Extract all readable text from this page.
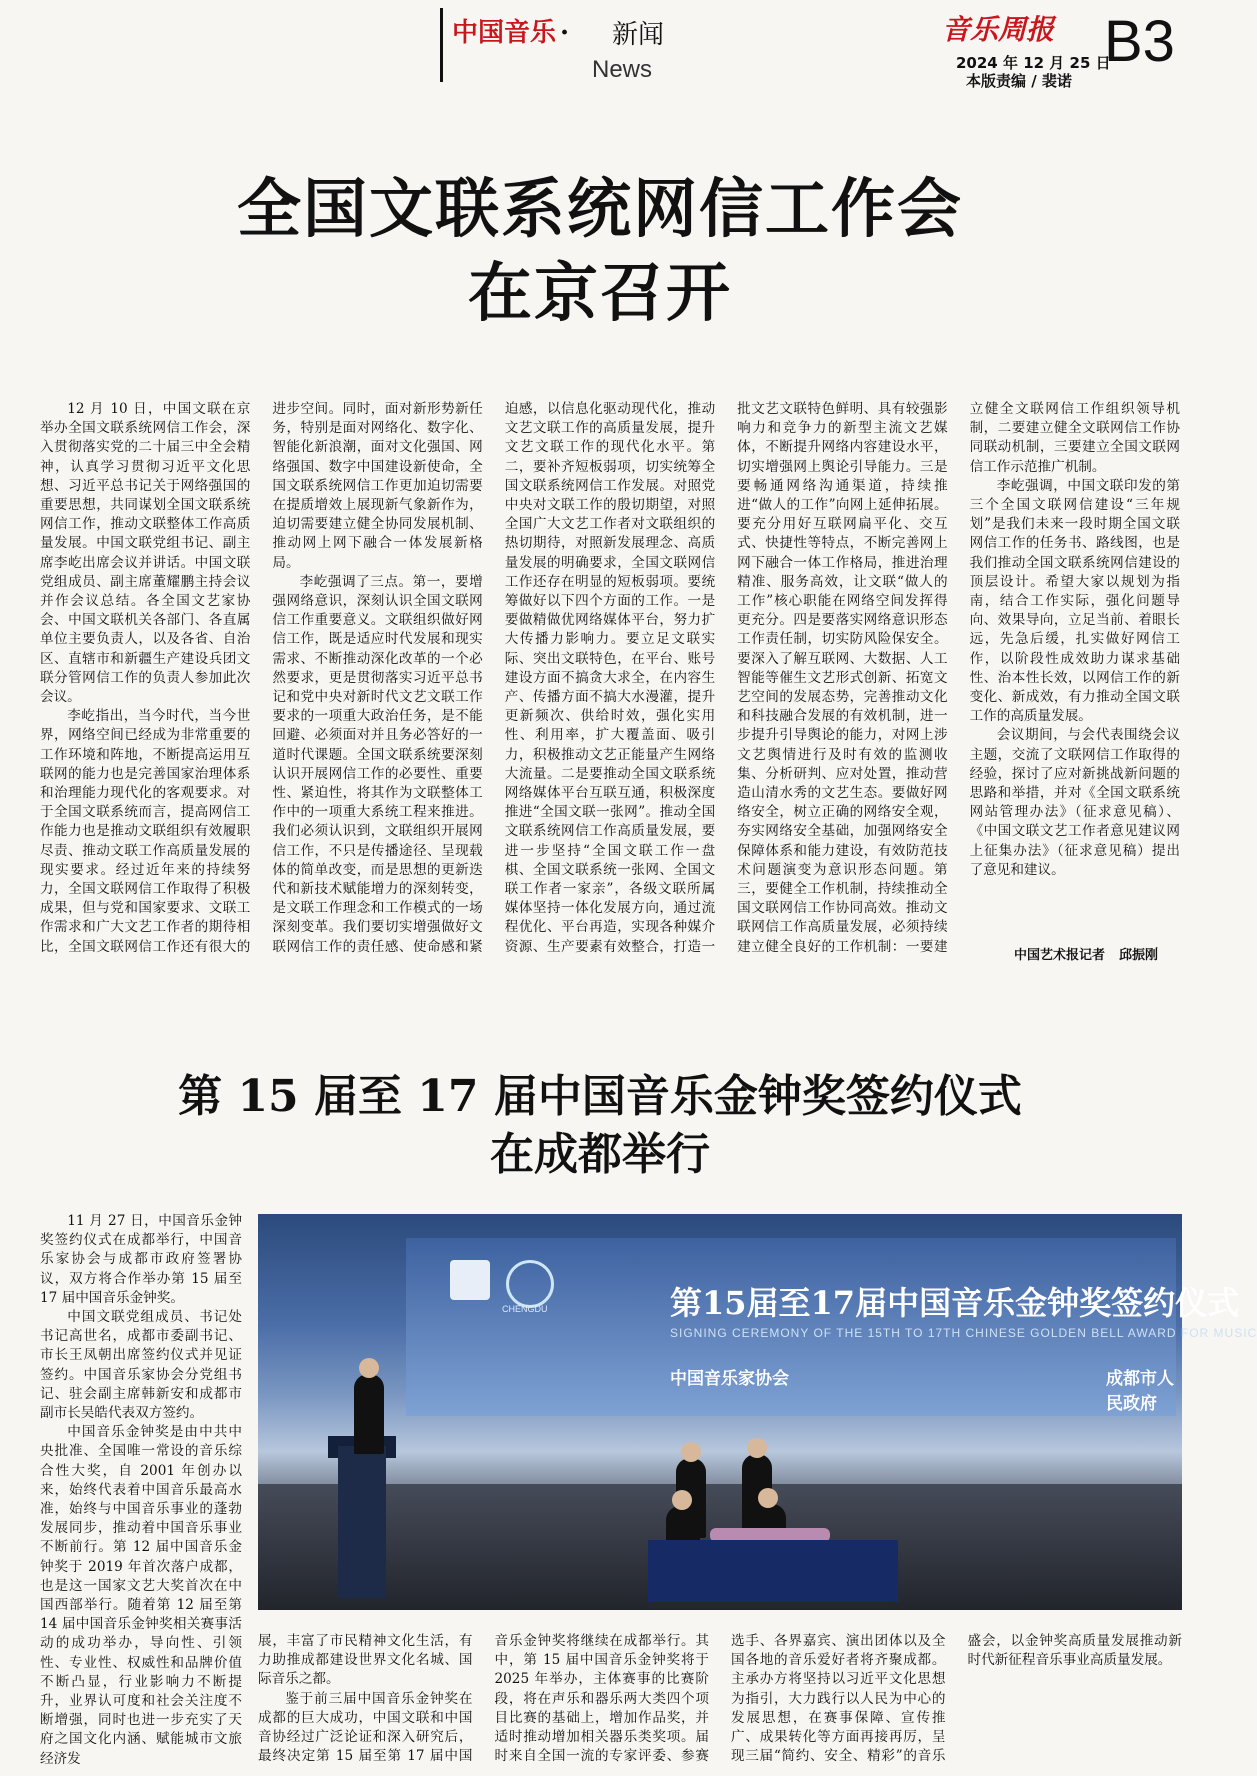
中国音乐 · 新闻
News
音乐周报
2024 年 12 月 25 日
本版责编 / 裴诺
B3
全国文联系统网信工作会
在京召开

12 月 10 日，中国文联在京举办全国文联系统网信工作会，深入贯彻落实党的二十届三中全会精神，认真学习贯彻习近平文化思想、习近平总书记关于网络强国的重要思想，共同谋划全国文联系统网信工作，推动文联整体工作高质量发展。中国文联党组书记、副主席李屹出席会议并讲话。中国文联党组成员、副主席董耀鹏主持会议并作会议总结。各全国文艺家协会、中国文联机关各部门、各直属单位主要负责人，以及各省、自治区、直辖市和新疆生产建设兵团文联分管网信工作的负责人参加此次会议。

李屹指出，当今时代，当今世界，网络空间已经成为非常重要的工作环境和阵地，不断提高运用互联网的能力也是完善国家治理体系和治理能力现代化的客观要求。对于全国文联系统而言，提高网信工作能力也是推动文联组织有效履职尽责、推动文联工作高质量发展的现实要求。经过近年来的持续努力，全国文联网信工作取得了积极成果，但与党和国家要求、文联工作需求和广大文艺工作者的期待相比，全国文联网信工作还有很大的进步空间。同时，面对新形势新任务，特别是面对网络化、数字化、智能化新浪潮，面对文化强国、网络强国、数字中国建设新使命，全国文联系统网信工作更加迫切需要在提质增效上展现新气象新作为，迫切需要建立健全协同发展机制、推动网上网下融合一体发展新格局。

李屹强调了三点。第一，要增强网络意识，深刻认识全国文联网信工作重要意义。文联组织做好网信工作，既是适应时代发展和现实需求、不断推动深化改革的一个必然要求，更是贯彻落实习近平总书记和党中央对新时代文艺文联工作要求的一项重大政治任务，是不能回避、必须面对并且务必答好的一道时代课题。全国文联系统要深刻认识开展网信工作的必要性、重要性、紧迫性，将其作为文联整体工作中的一项重大系统工程来推进。我们必须认识到，文联组织开展网信工作，不只是传播途径、呈现载体的简单改变，而是思想的更新迭代和新技术赋能增力的深刻转变，是文联工作理念和工作模式的一场深刻变革。我们要切实增强做好文联网信工作的责任感、使命感和紧迫感，以信息化驱动现代化，推动文艺文联工作的高质量发展，提升文艺文联工作的现代化水平。第二，要补齐短板弱项，切实统筹全国文联系统网信工作发展。对照党中央对文联工作的殷切期望，对照全国广大文艺工作者对文联组织的热切期待，对照新发展理念、高质量发展的明确要求，全国文联网信工作还存在明显的短板弱项。要统筹做好以下四个方面的工作。一是要做精做优网络媒体平台，努力扩大传播力影响力。要立足文联实际、突出文联特色，在平台、账号建设方面不搞贪大求全，在内容生产、传播方面不搞大水漫灌，提升更新频次、供给时效，强化实用性、利用率，扩大覆盖面、吸引力，积极推动文艺正能量产生网络大流量。二是要推动全国文联系统网络媒体平台互联互通，积极深度推进“全国文联一张网”。推动全国文联系统网信工作高质量发展，要进一步坚持“全国文联工作一盘棋、全国文联系统一张网、全国文联工作者一家亲”，各级文联所属媒体坚持一体化发展方向，通过流程优化、平台再造，实现各种媒介资源、生产要素有效整合，打造一批文艺文联特色鲜明、具有较强影响力和竞争力的新型主流文艺媒体，不断提升网络内容建设水平，切实增强网上舆论引导能力。三是要畅通网络沟通渠道，持续推进“做人的工作”向网上延伸拓展。要充分用好互联网扁平化、交互式、快捷性等特点，不断完善网上网下融合一体工作格局，推进治理精准、服务高效，让文联“做人的工作”核心职能在网络空间发挥得更充分。四是要落实网络意识形态工作责任制，切实防风险保安全。要深入了解互联网、大数据、人工智能等催生文艺形式创新、拓宽文艺空间的发展态势，完善推动文化和科技融合发展的有效机制，进一步提升引导舆论的能力，对网上涉文艺舆情进行及时有效的监测收集、分析研判、应对处置，推动营造山清水秀的文艺生态。要做好网络安全，树立正确的网络安全观，夯实网络安全基础，加强网络安全保障体系和能力建设，有效防范技术问题演变为意识形态问题。第三，要健全工作机制，持续推动全国文联网信工作协同高效。推动文联网信工作高质量发展，必须持续建立健全良好的工作机制：一要建立健全文联网信工作组织领导机制，二要建立健全文联网信工作协同联动机制，三要建立全国文联网信工作示范推广机制。

李屹强调，中国文联印发的第三个全国文联网信建设“三年规划”是我们未来一段时期全国文联网信工作的任务书、路线图，也是我们推动全国文联系统网信建设的顶层设计。希望大家以规划为指南，结合工作实际，强化问题导向、效果导向，立足当前、着眼长远，先急后缓，扎实做好网信工作，以阶段性成效助力谋求基础性、治本性长效，以网信工作的新变化、新成效，有力推动全国文联工作的高质量发展。

会议期间，与会代表围绕会议主题，交流了文联网信工作取得的经验，探讨了应对新挑战新问题的思路和举措，并对《全国文联系统网站管理办法》（征求意见稿）、《中国文联文艺工作者意见建议网上征集办法》（征求意见稿）提出了意见和建议。

中国艺术报记者 邱振刚
第 15 届至 17 届中国音乐金钟奖签约仪式
在成都举行

11 月 27 日，中国音乐金钟奖签约仪式在成都举行，中国音乐家协会与成都市政府签署协议，双方将合作举办第 15 届至 17 届中国音乐金钟奖。

中国文联党组成员、书记处书记高世名，成都市委副书记、市长王凤朝出席签约仪式并见证签约。中国音乐家协会分党组书记、驻会副主席韩新安和成都市副市长吴皓代表双方签约。

中国音乐金钟奖是由中共中央批准、全国唯一常设的音乐综合性大奖，自 2001 年创办以来，始终代表着中国音乐最高水准，始终与中国音乐事业的蓬勃发展同步，推动着中国音乐事业不断前行。第 12 届中国音乐金钟奖于 2019 年首次落户成都，也是这一国家文艺大奖首次在中国西部举行。随着第 12 届至第 14 届中国音乐金钟奖相关赛事活动的成功举办，导向性、引领性、专业性、权威性和品牌价值不断凸显，行业影响力不断提升，业界认可度和社会关注度不断增强，同时也进一步充实了天府之国文化内涵、赋能城市文旅经济发

CHENGDU	第15届至17届中国音乐金钟奖签约仪式
SIGNING CEREMONY OF THE 15TH TO 17TH CHINESE GOLDEN BELL AWARD FOR MUSIC
中国音乐家协会	成都市人民政府

展，丰富了市民精神文化生活，有力助推成都建设世界文化名城、国际音乐之都。

鉴于前三届中国音乐金钟奖在成都的巨大成功，中国文联和中国音协经过广泛论证和深入研究后，最终决定第 15 届至第 17 届中国音乐金钟奖将继续在成都举行。其中，第 15 届中国音乐金钟奖将于 2025 年举办，主体赛事的比赛阶段，将在声乐和器乐两大类四个项目比赛的基础上，增加作品奖，并适时推动增加相关器乐类奖项。届时来自全国一流的专家评委、参赛选手、各界嘉宾、演出团体以及全国各地的音乐爱好者将齐聚成都。主承办方将坚持以习近平文化思想为指引，大力践行以人民为中心的发展思想，在赛事保障、宣传推广、成果转化等方面再接再厉，呈现三届“简约、安全、精彩”的音乐盛会，以金钟奖高质量发展推动新时代新征程音乐事业高质量发展。
